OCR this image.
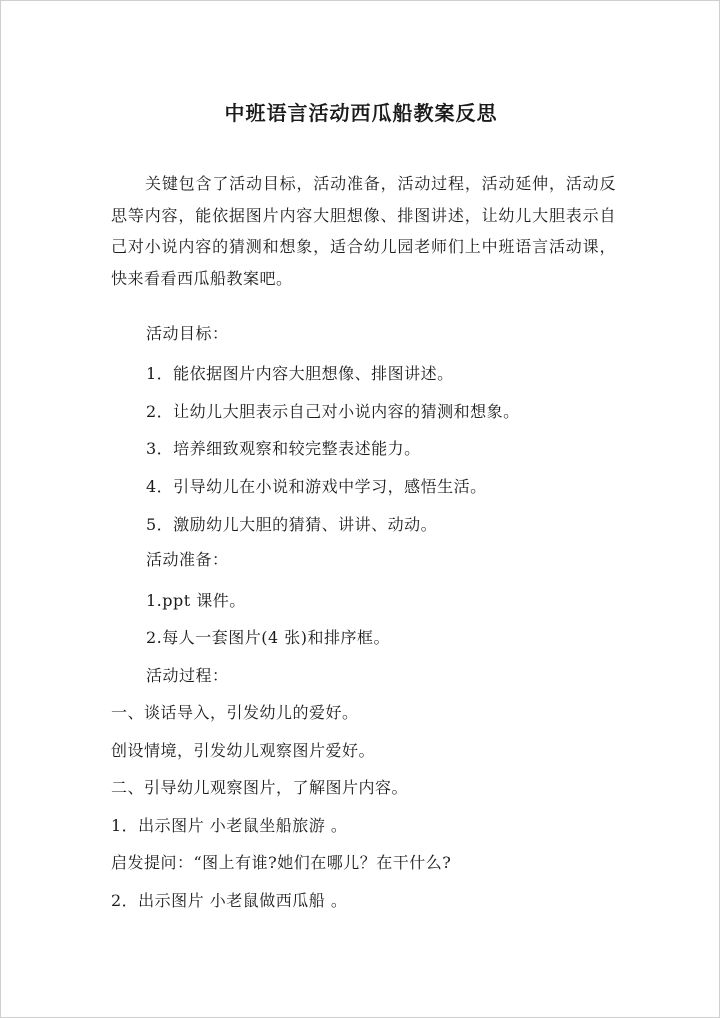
中班语言活动西瓜船教案反思
关键包含了活动目标，活动准备，活动过程，活动延伸，活动反思等内容，能依据图片内容大胆想像、排图讲述，让幼儿大胆表示自己对小说内容的猜测和想象，适合幼儿园老师们上中班语言活动课，快来看看西瓜船教案吧。
活动目标：
1．能依据图片内容大胆想像、排图讲述。
2．让幼儿大胆表示自己对小说内容的猜测和想象。
3．培养细致观察和较完整表述能力。
4．引导幼儿在小说和游戏中学习，感悟生活。
5．激励幼儿大胆的猜猜、讲讲、动动。
活动准备：
1.ppt 课件。
2.每人一套图片(4 张)和排序框。
活动过程：
一、谈话导入，引发幼儿的爱好。
创设情境，引发幼儿观察图片爱好。
二、引导幼儿观察图片，了解图片内容。
1．出示图片 小老鼠坐船旅游 。
启发提问：“图上有谁?她们在哪儿？在干什么?
2．出示图片 小老鼠做西瓜船 。
